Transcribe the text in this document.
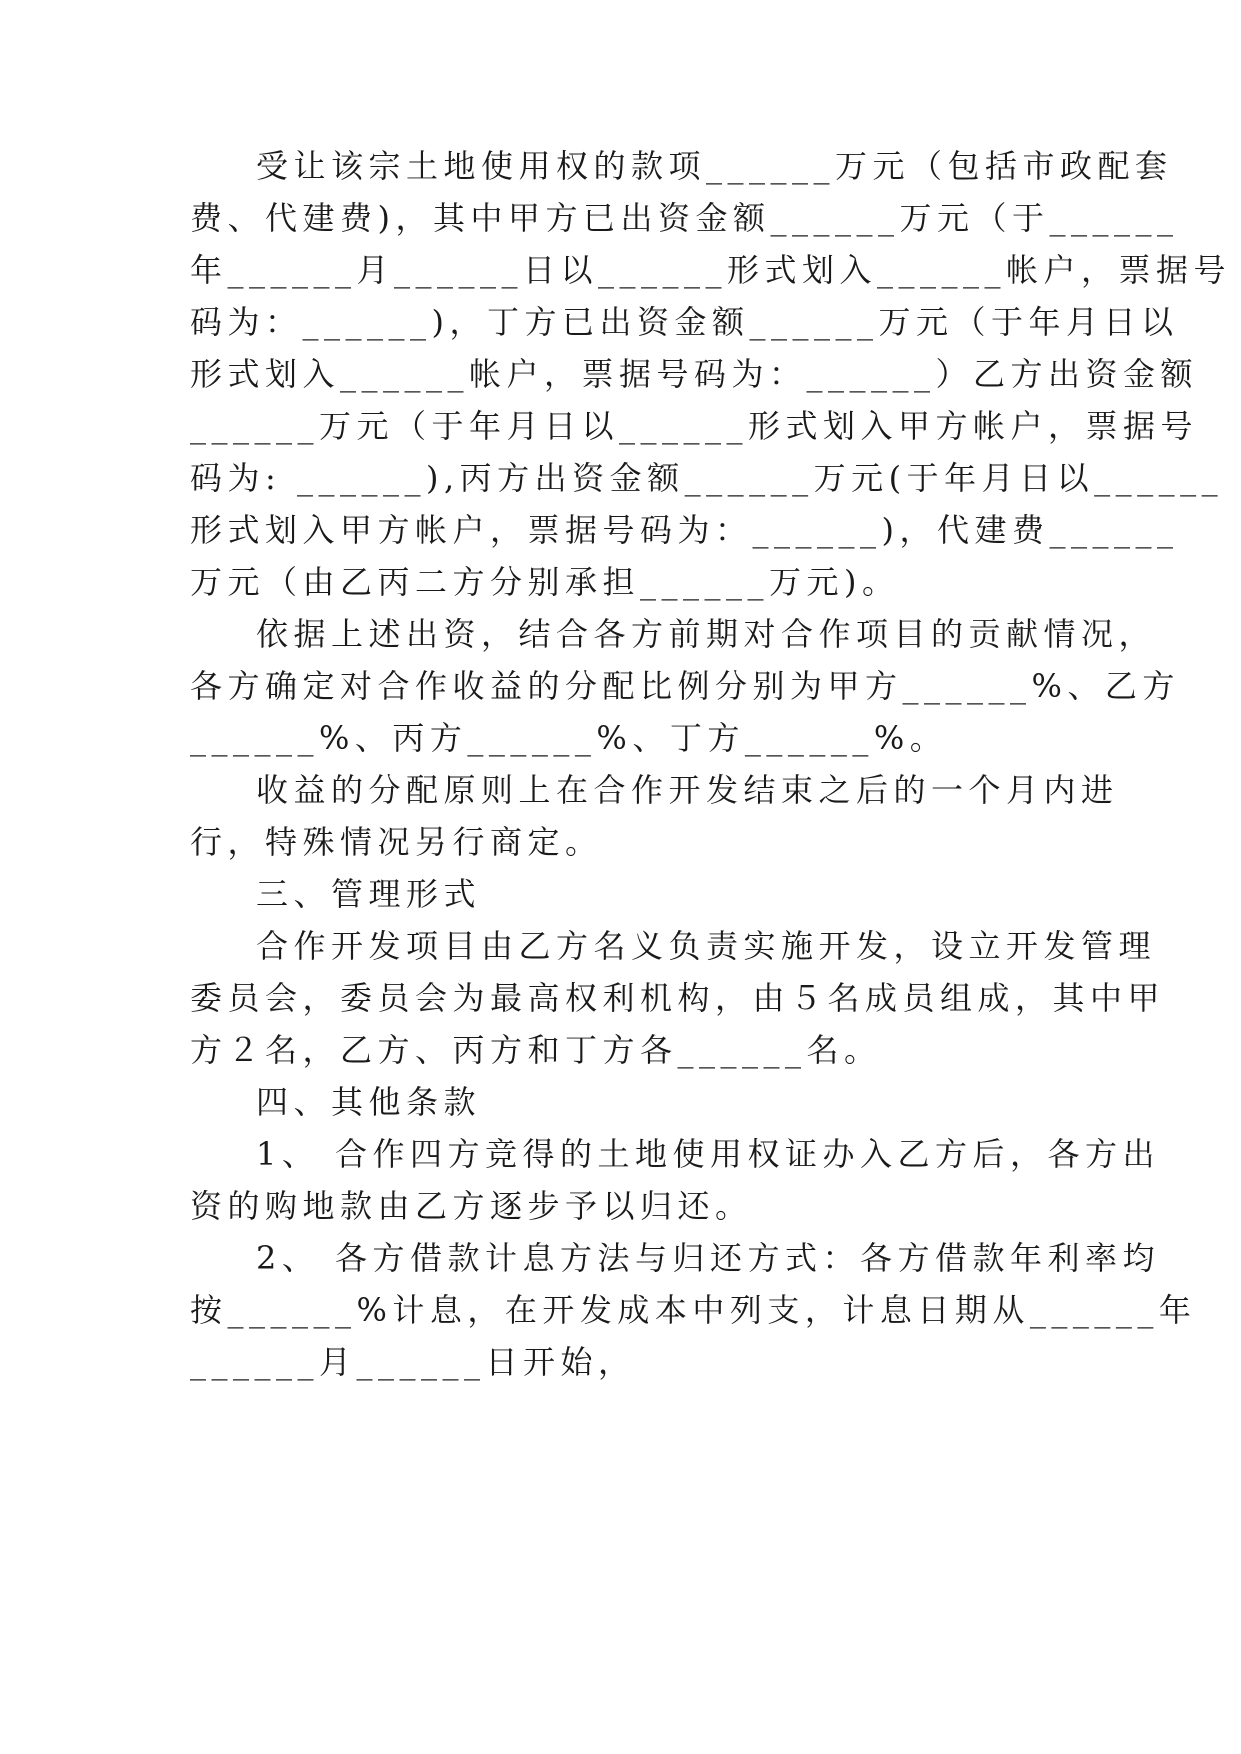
受让该宗土地使用权的款项______万元（包括市政配套
费、代建费)，其中甲方已出资金额______万元（于______
年______月______日以______形式划入______帐户，票据号
码为：______)，丁方已出资金额______万元（于年月日以
形式划入______帐户，票据号码为：______）乙方出资金额
______万元（于年月日以______形式划入甲方帐户，票据号
码为: ______),丙方出资金额______万元(于年月日以______
形式划入甲方帐户，票据号码为：______)，代建费______
万元（由乙丙二方分别承担______万元)。
依据上述出资，结合各方前期对合作项目的贡献情况，
各方确定对合作收益的分配比例分别为甲方______%、乙方
______%、丙方______%、丁方______%。
收益的分配原则上在合作开发结束之后的一个月内进
行，特殊情况另行商定。
三、管理形式
合作开发项目由乙方名义负责实施开发，设立开发管理
委员会，委员会为最高权利机构，由５名成员组成，其中甲
方２名，乙方、丙方和丁方各______名。
四、其他条款
1、 合作四方竞得的土地使用权证办入乙方后，各方出
资的购地款由乙方逐步予以归还。
2、 各方借款计息方法与归还方式：各方借款年利率均
按______%计息，在开发成本中列支，计息日期从______年
______月______日开始，
